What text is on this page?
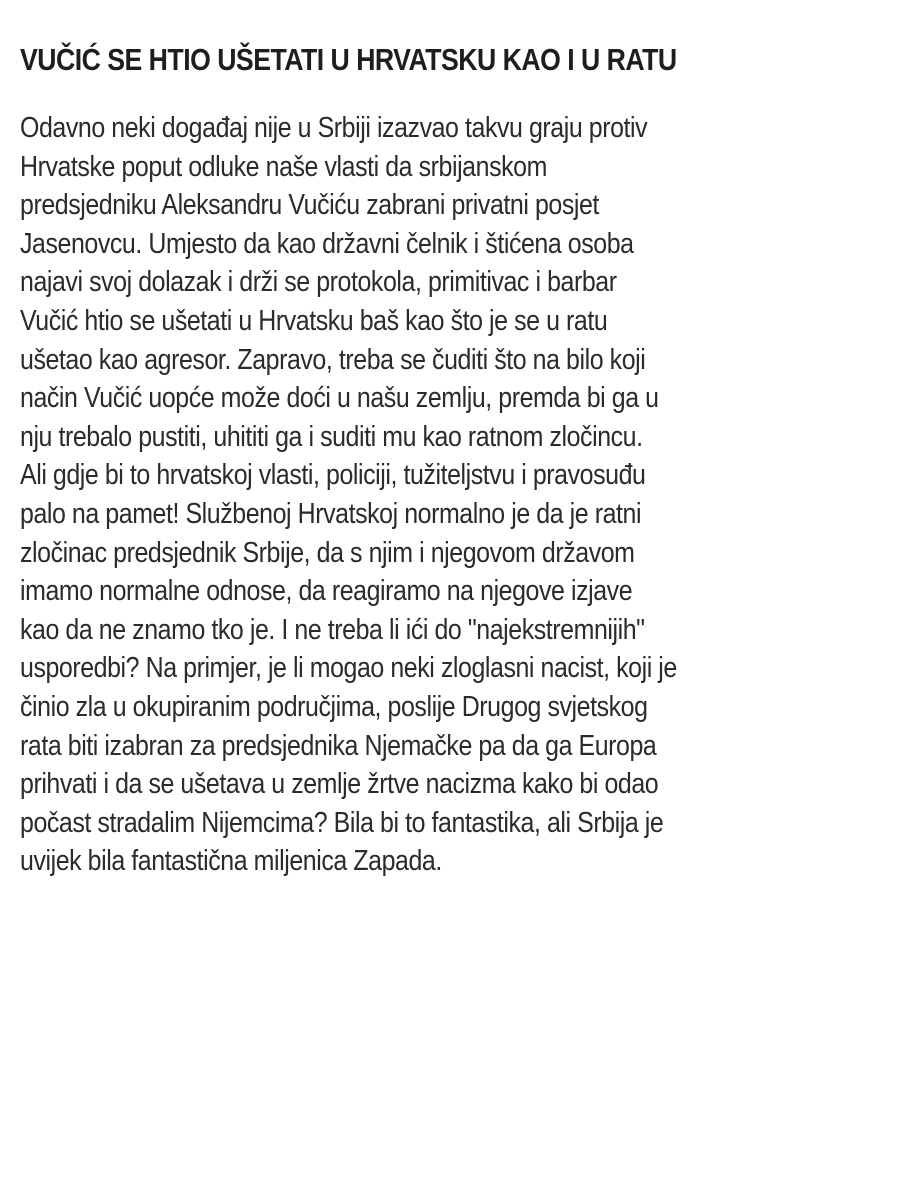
VUČIĆ SE HTIO UŠETATI U HRVATSKU KAO I U RATU

Odavno neki događaj nije u Srbiji izazvao takvu graju protiv
Hrvatske poput odluke naše vlasti da srbijanskom
predsjedniku Aleksandru Vučiću zabrani privatni posjet
Jasenovcu. Umjesto da kao državni čelnik i štićena osoba
najavi svoj dolazak i drži se protokola, primitivac i barbar
Vučić htio se ušetati u Hrvatsku baš kao što je se u ratu
ušetao kao agresor. Zapravo, treba se čuditi što na bilo koji
način Vučić uopće može doći u našu zemlju, premda bi ga u
nju trebalo pustiti, uhititi ga i suditi mu kao ratnom zločincu.
Ali gdje bi to hrvatskoj vlasti, policiji, tužiteljstvu i pravosuđu
palo na pamet! Službenoj Hrvatskoj normalno je da je ratni
zločinac predsjednik Srbije, da s njim i njegovom državom
imamo normalne odnose, da reagiramo na njegove izjave
kao da ne znamo tko je. I ne treba li ići do "najekstremnijih"
usporedbi? Na primjer, je li mogao neki zloglasni nacist, koji je
činio zla u okupiranim područjima, poslije Drugog svjetskog
rata biti izabran za predsjednika Njemačke pa da ga Europa
prihvati i da se ušetava u zemlje žrtve nacizma kako bi odao
počast stradalim Nijemcima? Bila bi to fantastika, ali Srbija je
uvijek bila fantastična miljenica Zapada.
